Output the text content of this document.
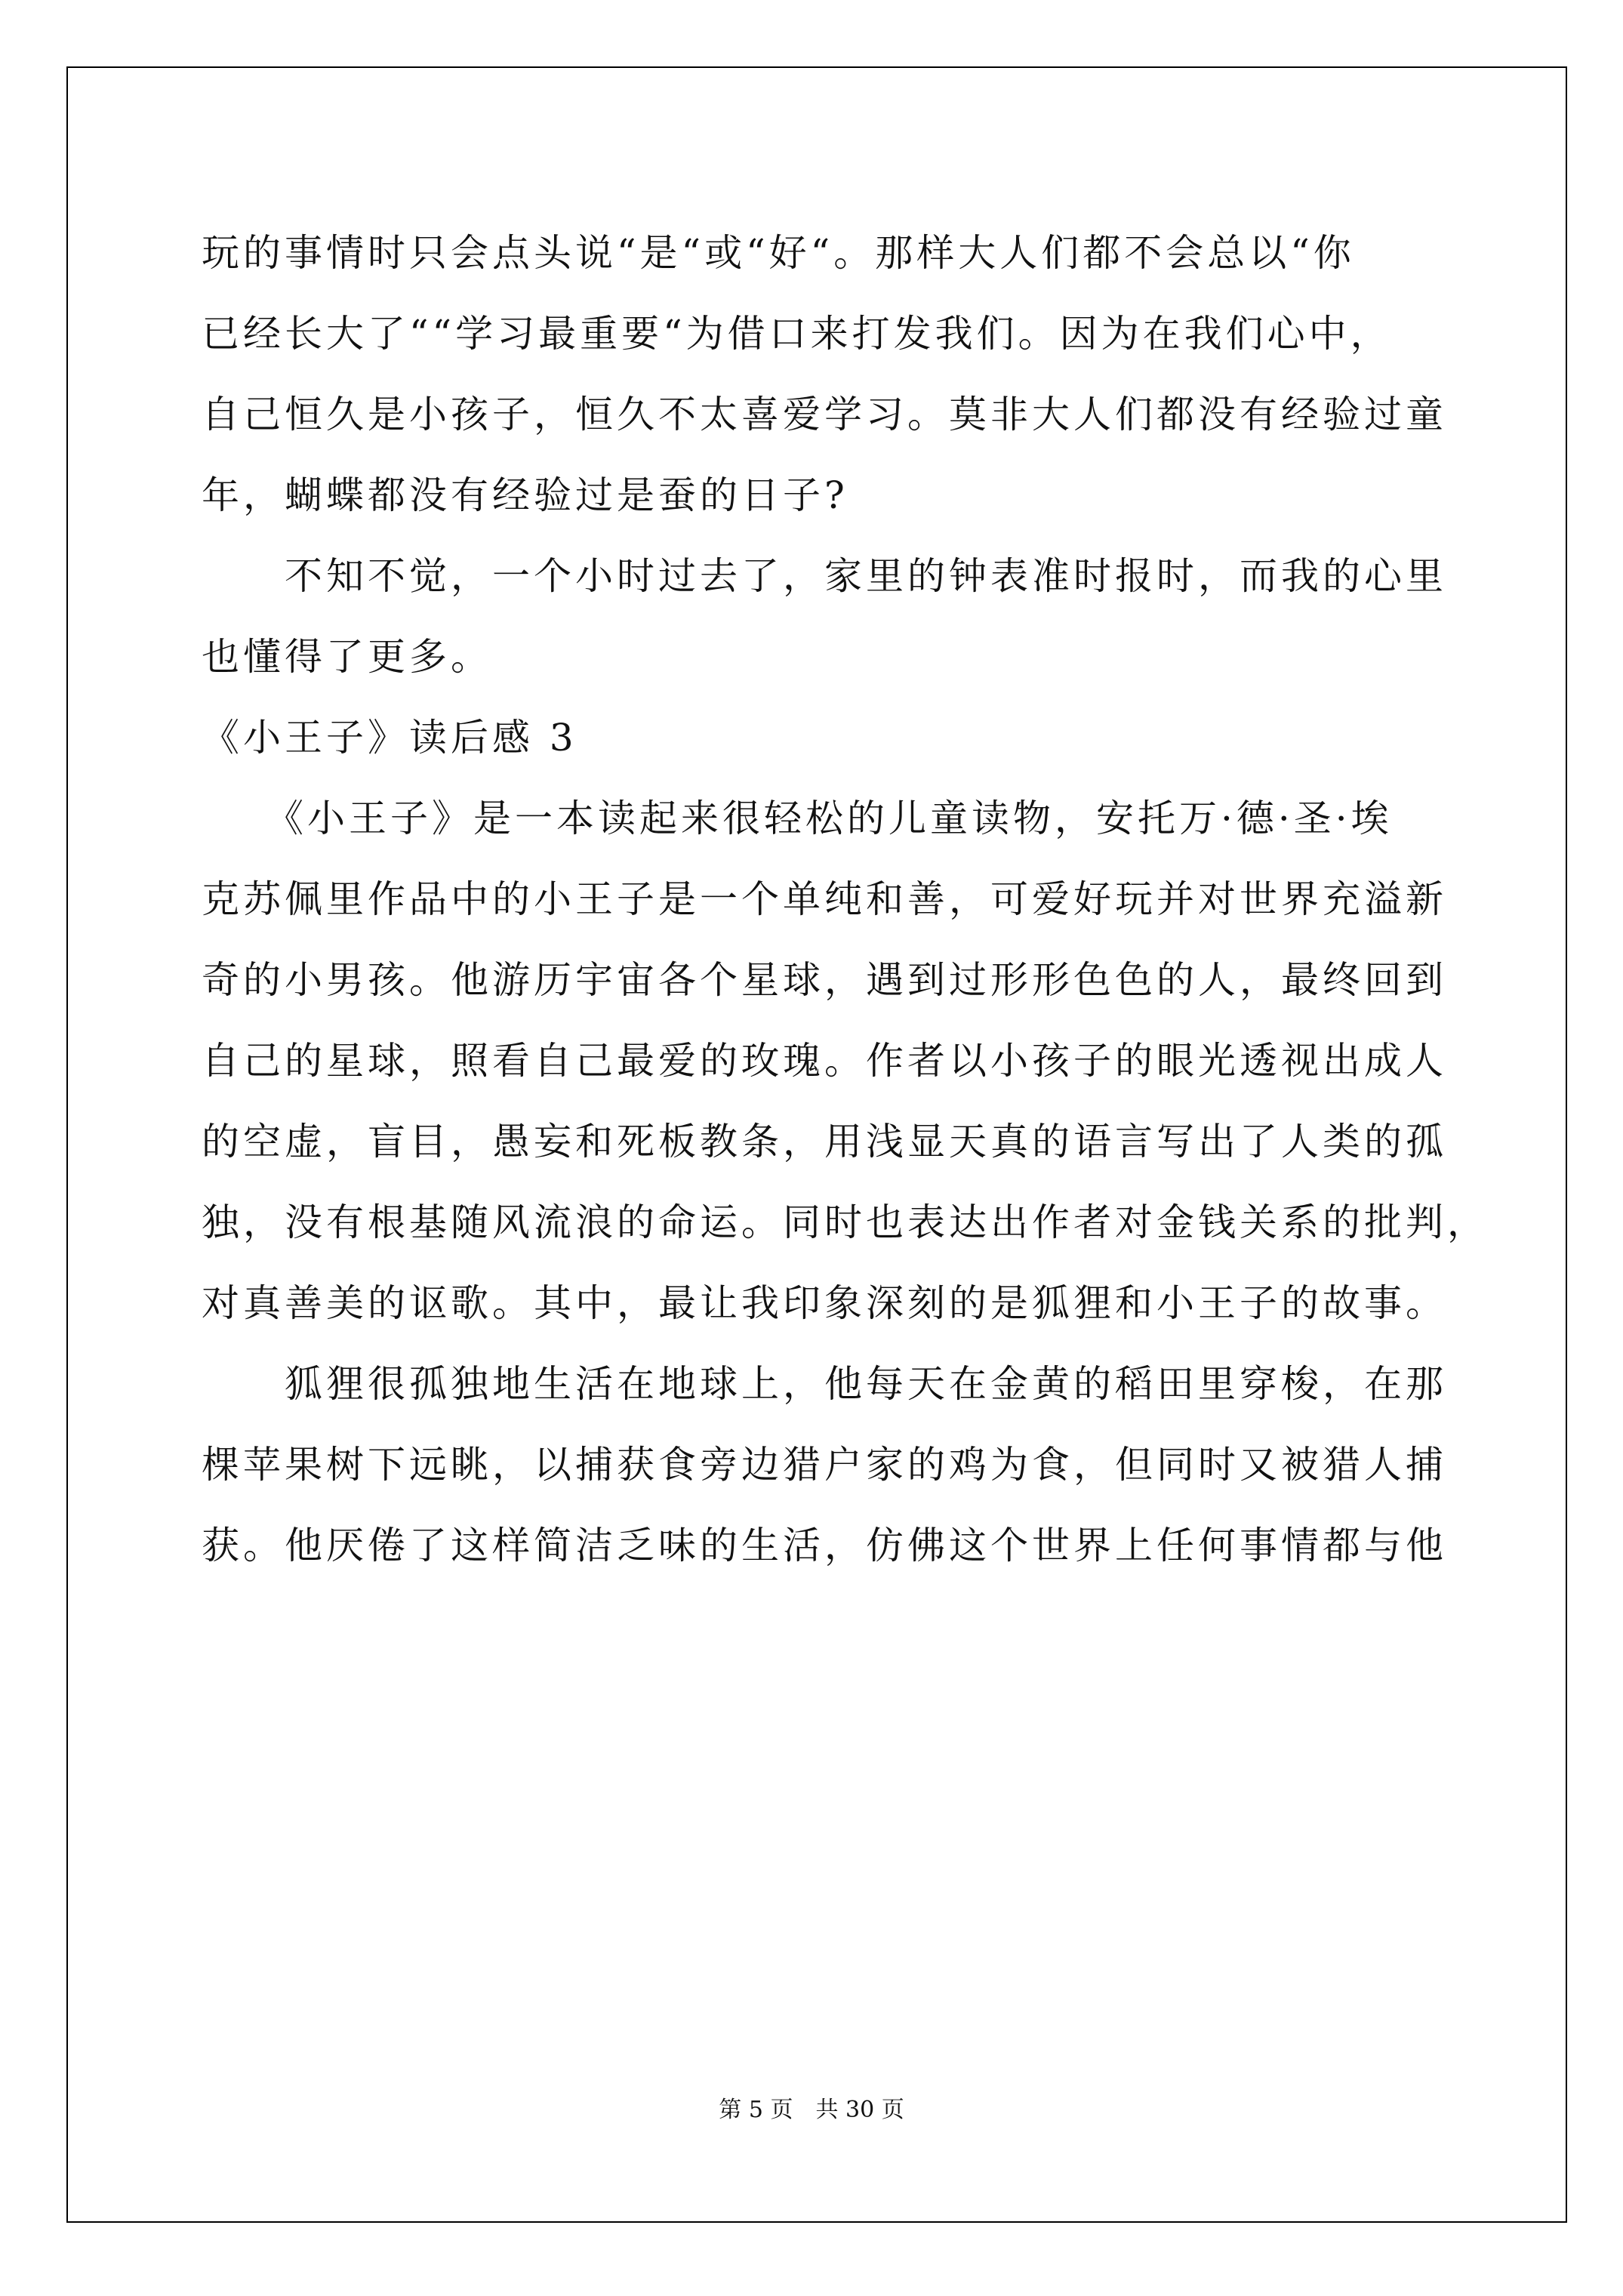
玩的事情时只会点头说“是“或“好“。那样大人们都不会总以“你
已经长大了““学习最重要“为借口来打发我们。因为在我们心中，
自己恒久是小孩子，恒久不太喜爱学习。莫非大人们都没有经验过童
年，蝴蝶都没有经验过是蚕的日子?
　　不知不觉，一个小时过去了，家里的钟表准时报时，而我的心里
也懂得了更多。
《小王子》读后感 3
　　《小王子》是一本读起来很轻松的儿童读物，安托万·德·圣·埃
克苏佩里作品中的小王子是一个单纯和善，可爱好玩并对世界充溢新
奇的小男孩。他游历宇宙各个星球，遇到过形形色色的人，最终回到
自己的星球，照看自己最爱的玫瑰。作者以小孩子的眼光透视出成人
的空虚，盲目，愚妄和死板教条，用浅显天真的语言写出了人类的孤
独，没有根基随风流浪的命运。同时也表达出作者对金钱关系的批判，
对真善美的讴歌。其中，最让我印象深刻的是狐狸和小王子的故事。
　　狐狸很孤独地生活在地球上，他每天在金黄的稻田里穿梭，在那
棵苹果树下远眺，以捕获食旁边猎户家的鸡为食，但同时又被猎人捕
获。他厌倦了这样简洁乏味的生活，仿佛这个世界上任何事情都与他
第 5 页　共 30 页
